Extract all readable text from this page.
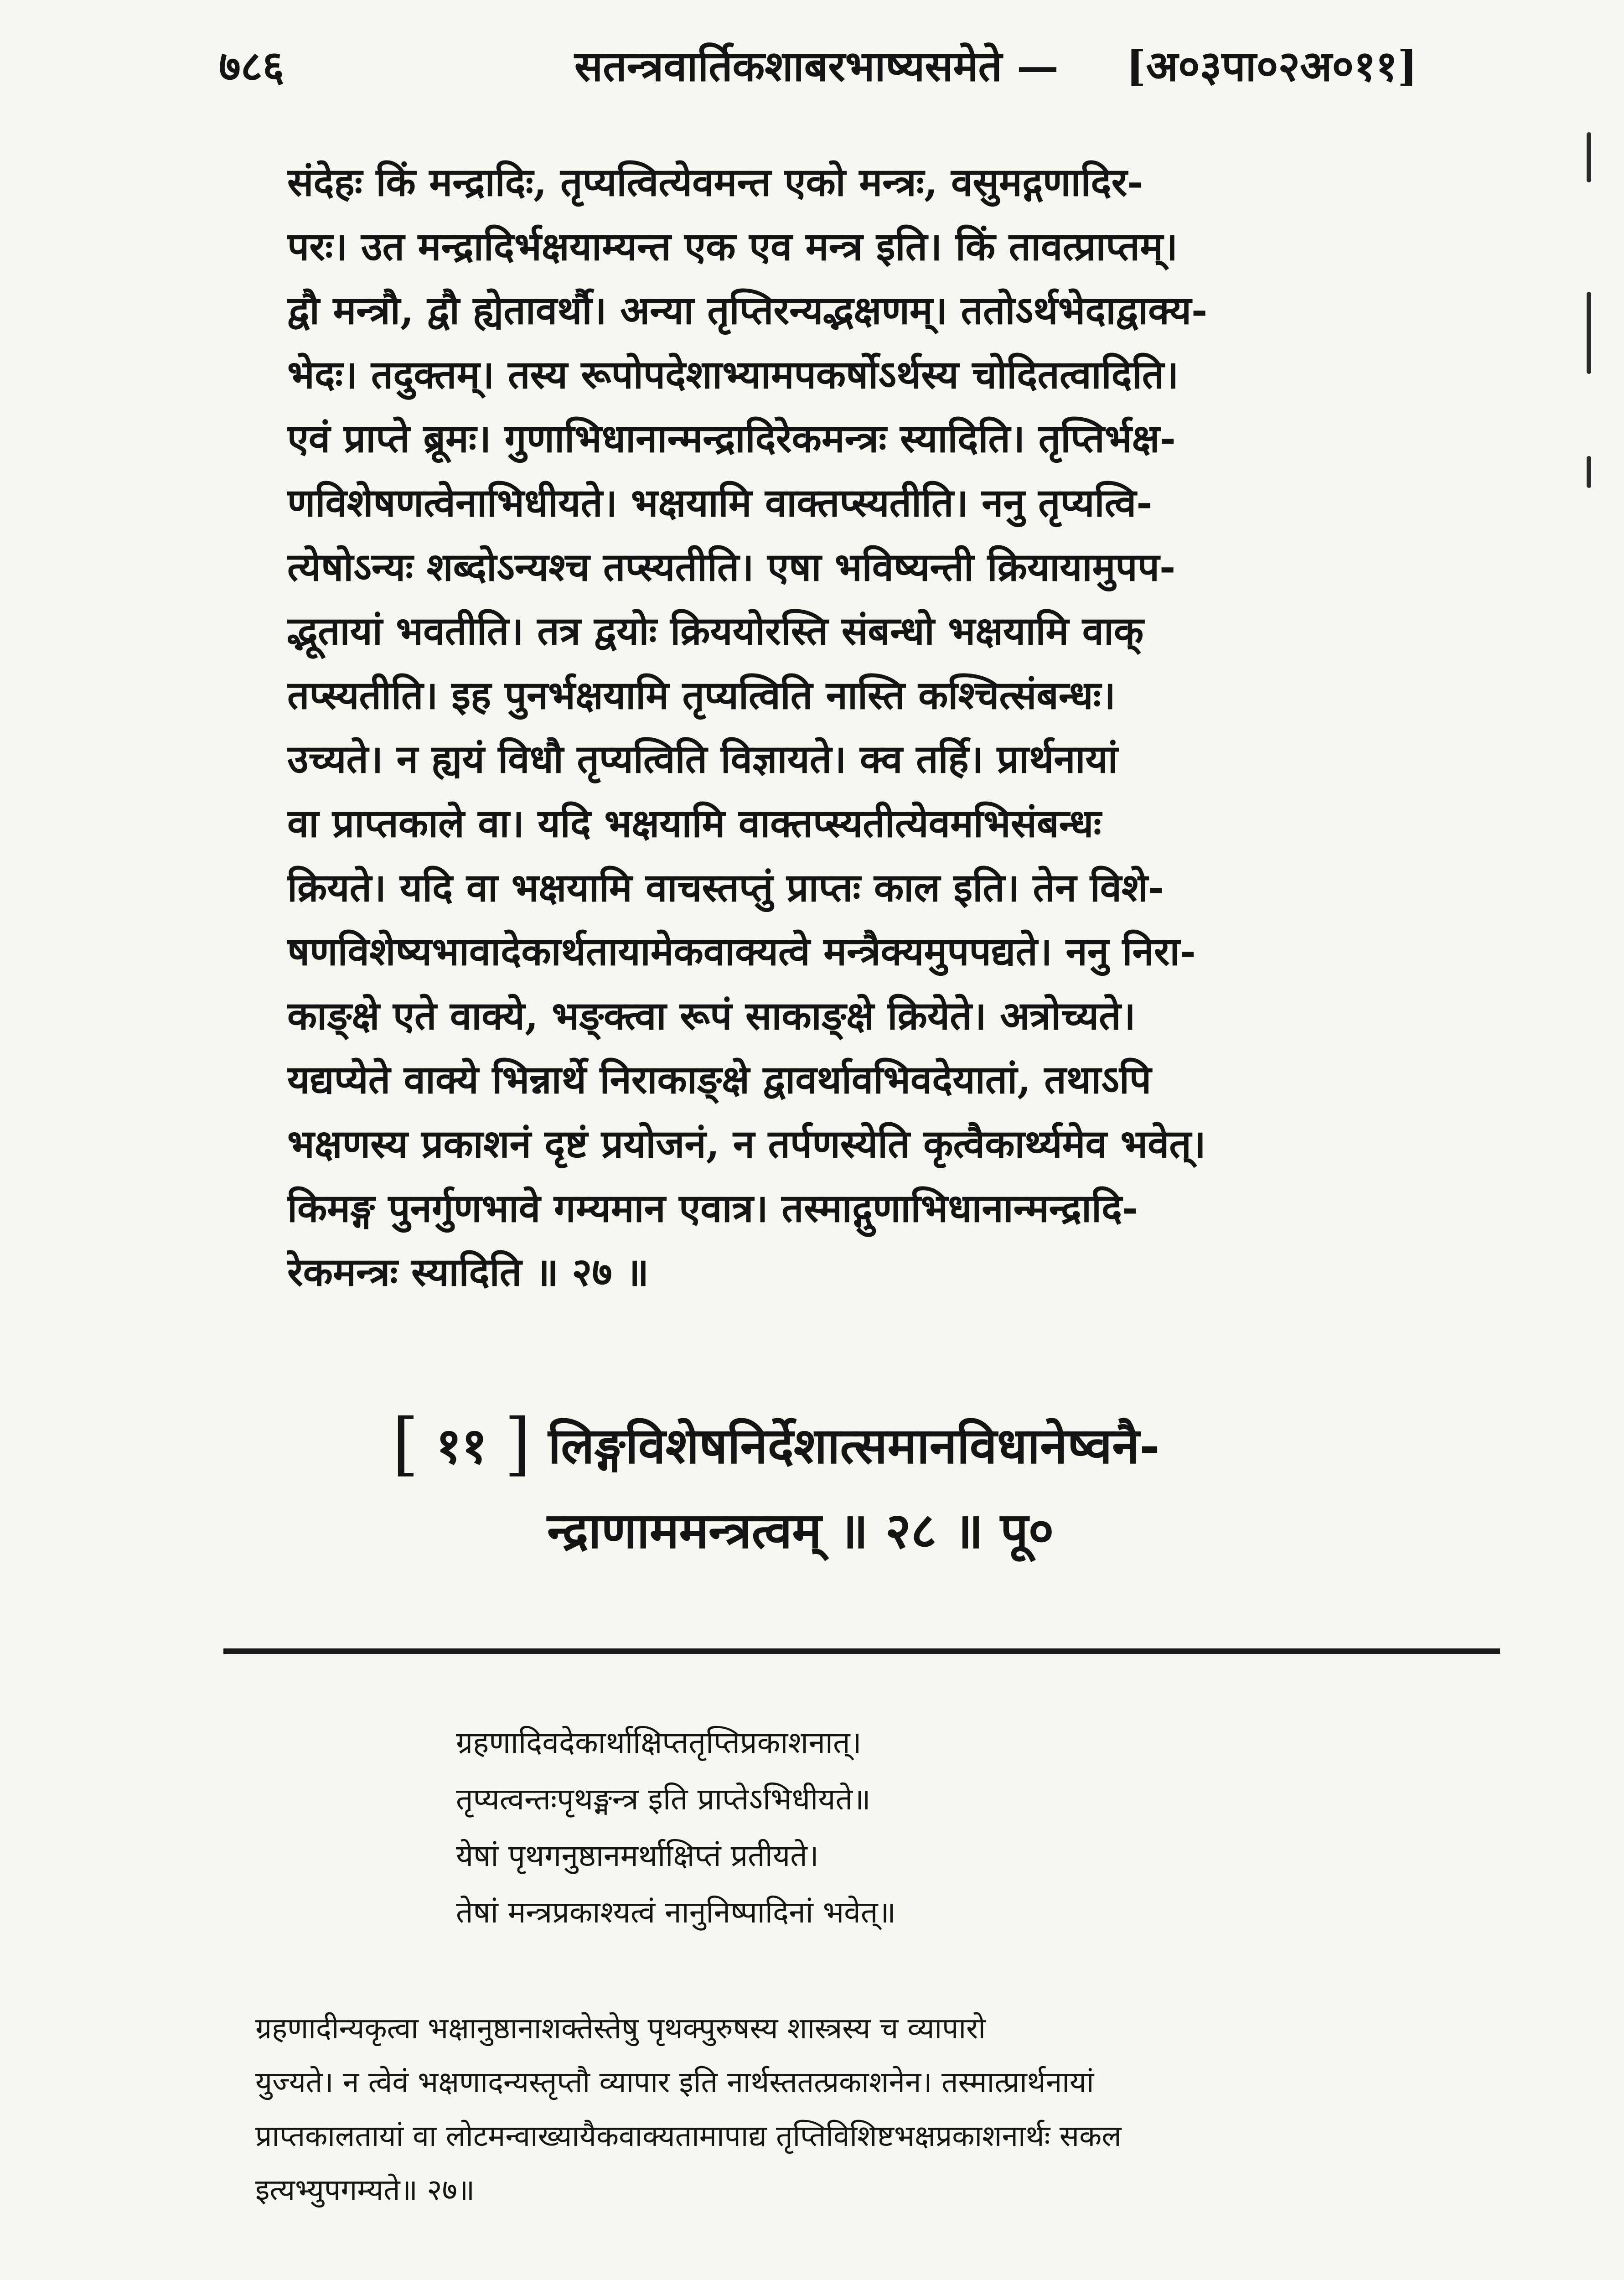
७८६	सतन्त्रवार्तिकशाबरभाष्यसमेते — [अ०३पा०२अ०११]
संदेहः किं मन्द्रादिः, तृप्यत्वित्येवमन्त एको मन्त्रः, वसुमद्गणादिर-
परः। उत मन्द्रादिर्भक्षयाम्यन्त एक एव मन्त्र इति। किं तावत्प्राप्तम्।
द्वौ मन्त्रौ, द्वौ ह्येतावर्थौ। अन्या तृप्तिरन्यद्भक्षणम्। ततोऽर्थभेदाद्वाक्य-
भेदः। तदुक्तम्। तस्य रूपोपदेशाभ्यामपकर्षोऽर्थस्य चोदितत्वादिति।
एवं प्राप्ते ब्रूमः। गुणाभिधानान्मन्द्रादिरेकमन्त्रः स्यादिति। तृप्तिर्भक्ष-
णविशेषणत्वेनाभिधीयते। भक्षयामि वाक्तप्स्यतीति। ननु तृप्यत्वि-
त्येषोऽन्यः शब्दोऽन्यश्च तप्स्यतीति। एषा भविष्यन्ती क्रियायामुपप-
द्भूतायां भवतीति। तत्र द्वयोः क्रिययोरस्ति संबन्धो भक्षयामि वाक्
तप्स्यतीति। इह पुनर्भक्षयामि तृप्यत्विति नास्ति कश्चित्संबन्धः।
उच्यते। न ह्ययं विधौ तृप्यत्विति विज्ञायते। क्व तर्हि। प्रार्थनायां
वा प्राप्तकाले वा। यदि भक्षयामि वाक्तप्स्यतीत्येवमभिसंबन्धः
क्रियते। यदि वा भक्षयामि वाचस्तप्तुं प्राप्तः काल इति। तेन विशे-
षणविशेष्यभावादेकार्थतायामेकवाक्यत्वे मन्त्रैक्यमुपपद्यते। ननु निरा-
काङ्क्षे एते वाक्ये, भङ्क्त्वा रूपं साकाङ्क्षे क्रियेते। अत्रोच्यते।
यद्यप्येते वाक्ये भिन्नार्थे निराकाङ्क्षे द्वावर्थावभिवदेयातां, तथाऽपि
भक्षणस्य प्रकाशनं दृष्टं प्रयोजनं, न तर्पणस्येति कृत्वैकार्थ्यमेव भवेत्।
किमङ्ग पुनर्गुणभावे गम्यमान एवात्र। तस्माद्गुणाभिधानान्मन्द्रादि-
रेकमन्त्रः स्यादिति ॥ २७ ॥
[ ११ ] लिङ्गविशेषनिर्देशात्समानविधानेष्वनै-
न्द्राणाममन्त्रत्वम् ॥ २८ ॥ पू०
ग्रहणादिवदेकार्थाक्षिप्ततृप्तिप्रकाशनात्।
तृप्यत्वन्तःपृथङ्मन्त्र इति प्राप्तेऽभिधीयते॥
येषां पृथगनुष्ठानमर्थाक्षिप्तं प्रतीयते।
तेषां मन्त्रप्रकाश्यत्वं नानुनिष्पादिनां भवेत्॥
ग्रहणादीन्यकृत्वा भक्षानुष्ठानाशक्तेस्तेषु पृथक्पुरुषस्य शास्त्रस्य च व्यापारो
युज्यते। न त्वेवं भक्षणादन्यस्तृप्तौ व्यापार इति नार्थस्ततत्प्रकाशनेन। तस्मात्प्रार्थनायां
प्राप्तकालतायां वा लोटमन्वाख्यायैकवाक्यतामापाद्य तृप्तिविशिष्टभक्षप्रकाशनार्थः सकल
इत्यभ्युपगम्यते॥ २७॥
